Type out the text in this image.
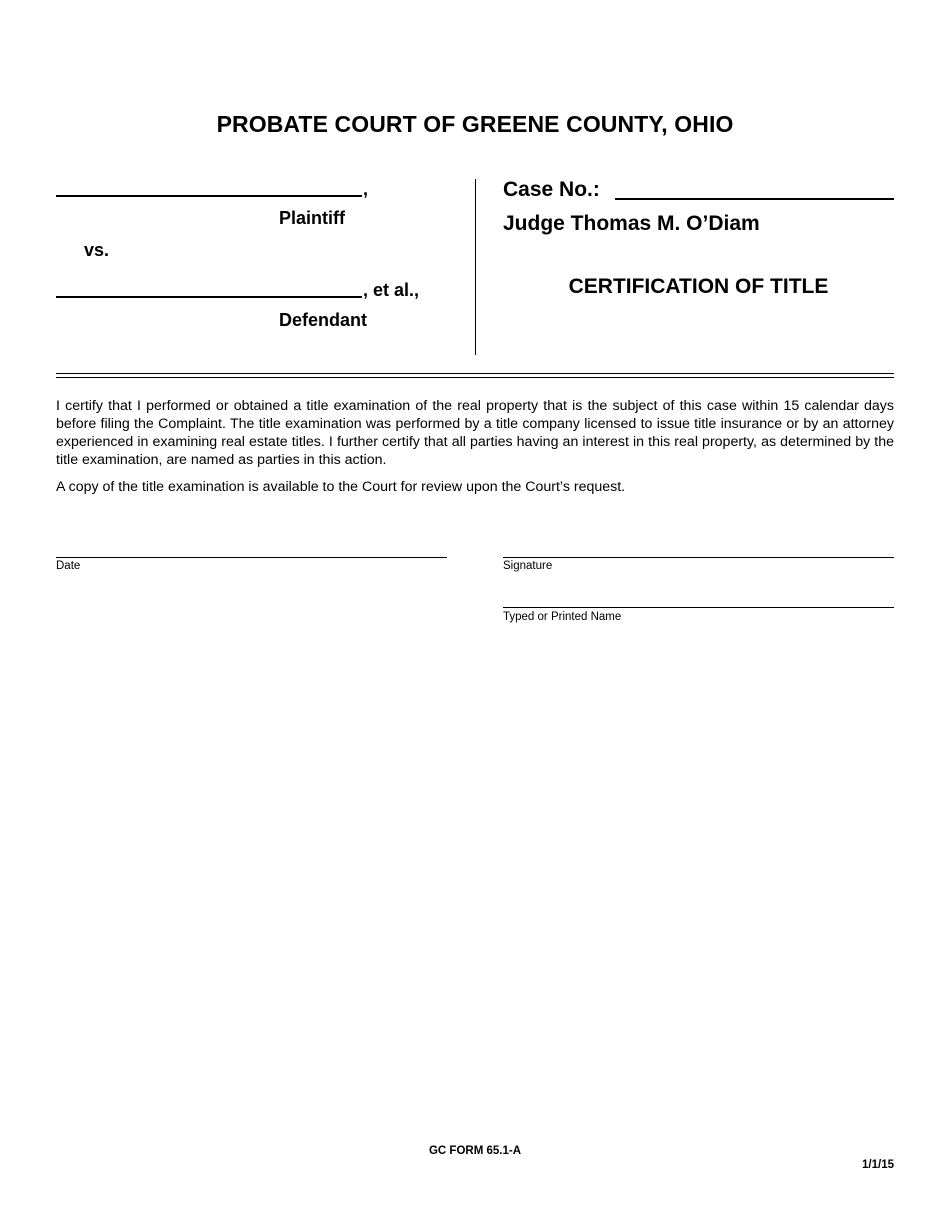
PROBATE COURT OF GREENE COUNTY, OHIO
,
Plaintiff
vs.
, et al.,
Defendant
Case No.:
Judge Thomas M. O’Diam
CERTIFICATION OF TITLE
I certify that I performed or obtained a title examination of the real property that is the subject of this case within 15 calendar days before filing the Complaint. The title examination was performed by a title company licensed to issue title insurance or by an attorney experienced in examining real estate titles. I further certify that all parties having an interest in this real property, as determined by the title examination, are named as parties in this action.
A copy of the title examination is available to the Court for review upon the Court’s request.
Date	Signature
Typed or Printed Name
GC FORM 65.1-A
1/1/15
